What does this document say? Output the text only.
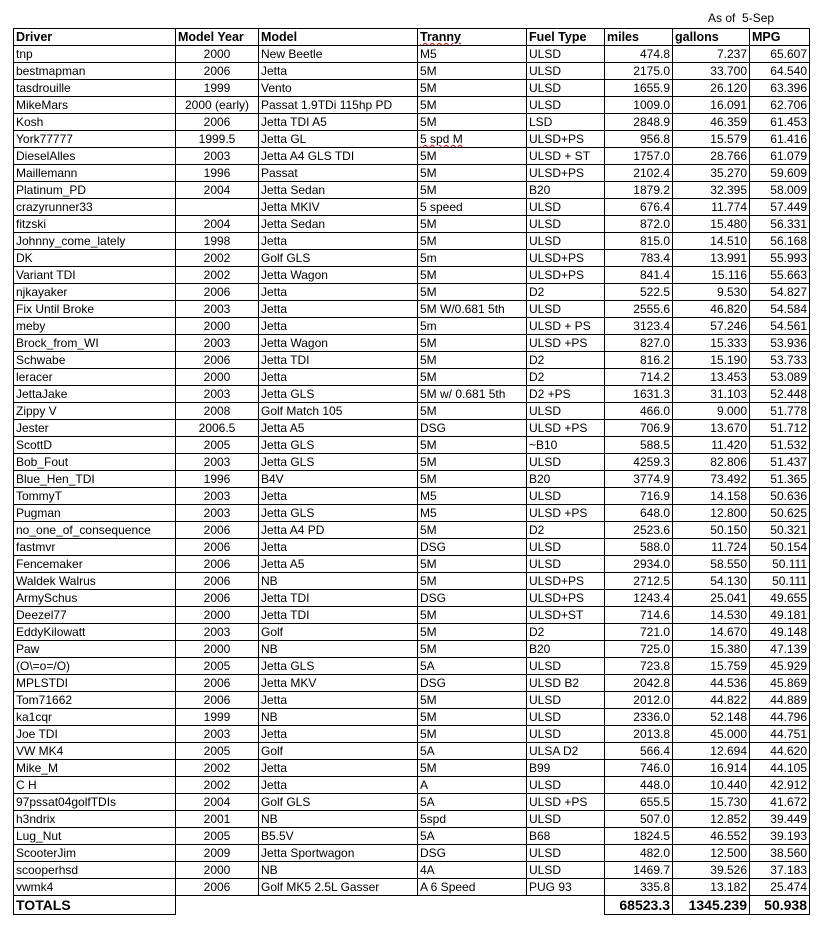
As of 5-Sep
Driver	Model Year	Model	Tranny	Fuel Type	miles	gallons	MPG
tnp	2000	New Beetle	M5	ULSD	474.8	7.237	65.607
bestmapman	2006	Jetta	5M	ULSD	2175.0	33.700	64.540
tasdrouille	1999	Vento	5M	ULSD	1655.9	26.120	63.396
MikeMars	2000 (early)	Passat 1.9TDi 115hp PD	5M	ULSD	1009.0	16.091	62.706
Kosh	2006	Jetta TDI A5	5M	LSD	2848.9	46.359	61.453
York77777	1999.5	Jetta GL	5 spd M	ULSD+PS	956.8	15.579	61.416
DieselAlles	2003	Jetta A4 GLS TDI	5M	ULSD + ST	1757.0	28.766	61.079
Maillemann	1996	Passat	5M	ULSD+PS	2102.4	35.270	59.609
Platinum_PD	2004	Jetta Sedan	5M	B20	1879.2	32.395	58.009
crazyrunner33		Jetta MKIV	5 speed	ULSD	676.4	11.774	57.449
fitzski	2004	Jetta Sedan	5M	ULSD	872.0	15.480	56.331
Johnny_come_lately	1998	Jetta	5M	ULSD	815.0	14.510	56.168
DK	2002	Golf GLS	5m	ULSD+PS	783.4	13.991	55.993
Variant TDI	2002	Jetta Wagon	5M	ULSD+PS	841.4	15.116	55.663
njkayaker	2006	Jetta	5M	D2	522.5	9.530	54.827
Fix Until Broke	2003	Jetta	5M W/0.681 5th	ULSD	2555.6	46.820	54.584
meby	2000	Jetta	5m	ULSD + PS	3123.4	57.246	54.561
Brock_from_WI	2003	Jetta Wagon	5M	ULSD +PS	827.0	15.333	53.936
Schwabe	2006	Jetta TDI	5M	D2	816.2	15.190	53.733
leracer	2000	Jetta	5M	D2	714.2	13.453	53.089
JettaJake	2003	Jetta GLS	5M w/ 0.681 5th	D2 +PS	1631.3	31.103	52.448
Zippy V	2008	Golf Match 105	5M	ULSD	466.0	9.000	51.778
Jester	2006.5	Jetta A5	DSG	ULSD +PS	706.9	13.670	51.712
ScottD	2005	Jetta GLS	5M	~B10	588.5	11.420	51.532
Bob_Fout	2003	Jetta GLS	5M	ULSD	4259.3	82.806	51.437
Blue_Hen_TDI	1996	B4V	5M	B20	3774.9	73.492	51.365
TommyT	2003	Jetta	M5	ULSD	716.9	14.158	50.636
Pugman	2003	Jetta GLS	M5	ULSD +PS	648.0	12.800	50.625
no_one_of_consequence	2006	Jetta A4 PD	5M	D2	2523.6	50.150	50.321
fastmvr	2006	Jetta	DSG	ULSD	588.0	11.724	50.154
Fencemaker	2006	Jetta A5	5M	ULSD	2934.0	58.550	50.111
Waldek Walrus	2006	NB	5M	ULSD+PS	2712.5	54.130	50.111
ArmySchus	2006	Jetta TDI	DSG	ULSD+PS	1243.4	25.041	49.655
Deezel77	2000	Jetta TDI	5M	ULSD+ST	714.6	14.530	49.181
EddyKilowatt	2003	Golf	5M	D2	721.0	14.670	49.148
Paw	2000	NB	5M	B20	725.0	15.380	47.139
(O\=o=/O)	2005	Jetta GLS	5A	ULSD	723.8	15.759	45.929
MPLSTDI	2006	Jetta MKV	DSG	ULSD B2	2042.8	44.536	45.869
Tom71662	2006	Jetta	5M	ULSD	2012.0	44.822	44.889
ka1cqr	1999	NB	5M	ULSD	2336.0	52.148	44.796
Joe TDI	2003	Jetta	5M	ULSD	2013.8	45.000	44.751
VW MK4	2005	Golf	5A	ULSA D2	566.4	12.694	44.620
Mike_M	2002	Jetta	5M	B99	746.0	16.914	44.105
C H	2002	Jetta	A	ULSD	448.0	10.440	42.912
97pssat04golfTDIs	2004	Golf GLS	5A	ULSD +PS	655.5	15.730	41.672
h3ndrix	2001	NB	5spd	ULSD	507.0	12.852	39.449
Lug_Nut	2005	B5.5V	5A	B68	1824.5	46.552	39.193
ScooterJim	2009	Jetta Sportwagon	DSG	ULSD	482.0	12.500	38.560
scooperhsd	2000	NB	4A	ULSD	1469.7	39.526	37.183
vwmk4	2006	Golf MK5 2.5L Gasser	A 6 Speed	PUG 93	335.8	13.182	25.474
TOTALS					68523.3	1345.239	50.938
